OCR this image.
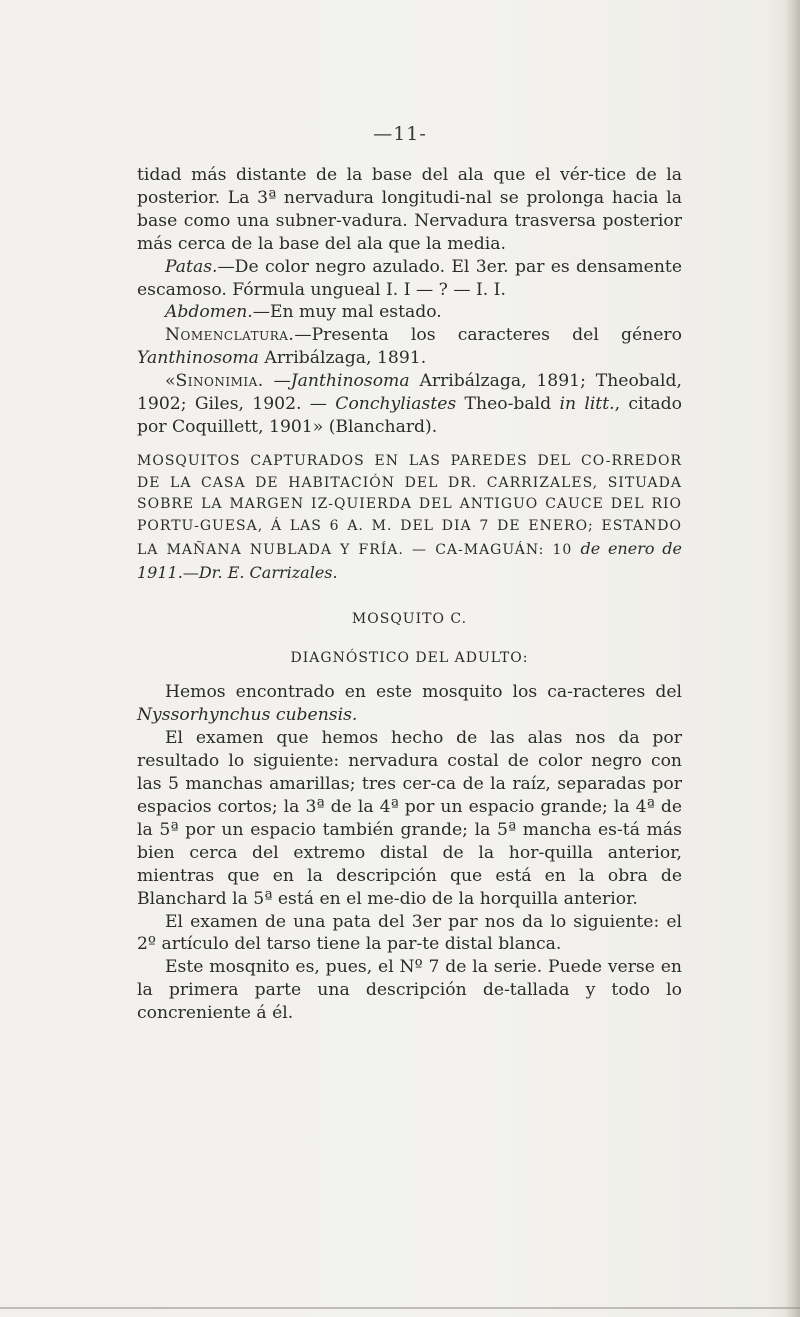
—11-

tidad más distante de la base del ala que el vér-tice de la posterior. La 3ª nervadura longitudi-nal se prolonga hacia la base como una subner-vadura. Nervadura trasversa posterior más cerca de la base del ala que la media.

Patas.—De color negro azulado. El 3er. par es densamente escamoso. Fórmula ungueal I. I — ? — I. I.

Abdomen.—En muy mal estado.

Nomenclatura.—Presenta los caracteres del género Yanthinosoma Arribálzaga, 1891.

«Sinonimia. —Janthinosoma Arribálzaga, 1891; Theobald, 1902; Giles, 1902. — Conchyliastes Theo-bald in litt., citado por Coquillett, 1901» (Blanchard).

MOSQUITOS CAPTURADOS EN LAS PAREDES DEL CO-RREDOR DE LA CASA DE HABITACIÓN DEL DR. CARRIZALES, SITUADA SOBRE LA MARGEN IZ-QUIERDA DEL ANTIGUO CAUCE DEL RIO PORTU-GUESA, Á LAS 6 A. M. DEL DIA 7 DE ENERO; ESTANDO LA MAÑANA NUBLADA Y FRÍA. — CA-MAGUÁN: 10 de enero de 1911.—Dr. E. Carrizales.

MOSQUITO C.

DIAGNÓSTICO DEL ADULTO:

Hemos encontrado en este mosquito los ca-racteres del Nyssorhynchus cubensis.

El examen que hemos hecho de las alas nos da por resultado lo siguiente: nervadura costal de color negro con las 5 manchas amarillas; tres cer-ca de la raíz, separadas por espacios cortos; la 3ª de la 4ª por un espacio grande; la 4ª de la 5ª por un espacio también grande; la 5ª mancha es-tá más bien cerca del extremo distal de la hor-quilla anterior, mientras que en la descripción que está en la obra de Blanchard la 5ª está en el me-dio de la horquilla anterior.

El examen de una pata del 3er par nos da lo siguiente: el 2º artículo del tarso tiene la par-te distal blanca.

Este mosqnito es, pues, el Nº 7 de la serie. Puede verse en la primera parte una descripción de-tallada y todo lo concreniente á él.
